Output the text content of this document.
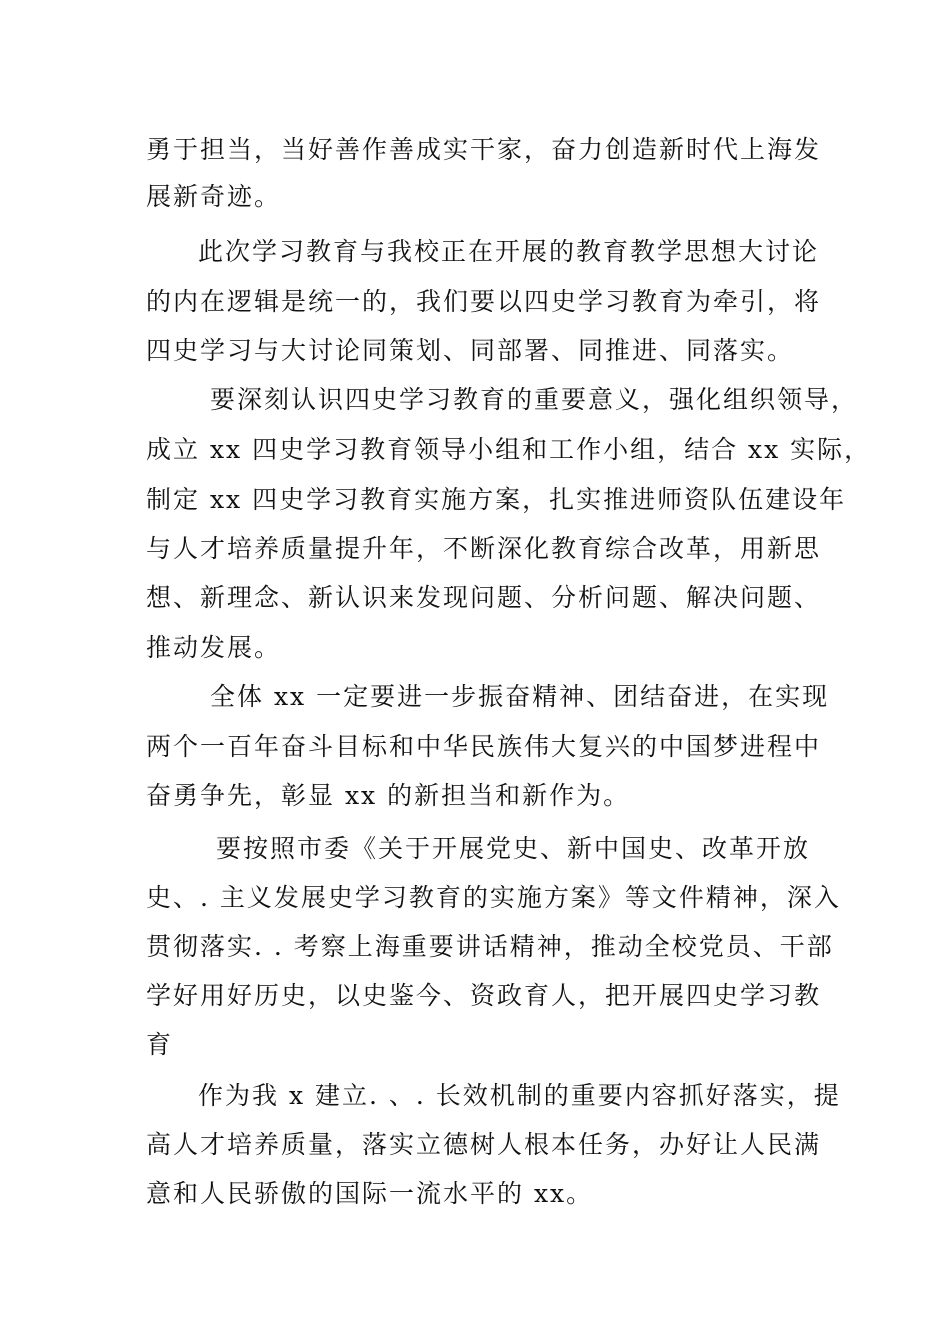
勇于担当，当好善作善成实干家，奋力创造新时代上海发
展新奇迹。
此次学习教育与我校正在开展的教育教学思想大讨论
的内在逻辑是统一的，我们要以四史学习教育为牵引，将
四史学习与大讨论同策划、同部署、同推进、同落实。
要深刻认识四史学习教育的重要意义，强化组织领导，
成立 xx 四史学习教育领导小组和工作小组，结合 xx 实际，
制定 xx 四史学习教育实施方案，扎实推进师资队伍建设年
与人才培养质量提升年，不断深化教育综合改革，用新思
想、新理念、新认识来发现问题、分析问题、解决问题、
推动发展。
全体 xx 一定要进一步振奋精神、团结奋进，在实现
两个一百年奋斗目标和中华民族伟大复兴的中国梦进程中
奋勇争先，彰显 xx 的新担当和新作为。
要按照市委《关于开展党史、新中国史、改革开放
史、. 主义发展史学习教育的实施方案》等文件精神，深入
贯彻落实. . 考察上海重要讲话精神，推动全校党员、干部
学好用好历史，以史鉴今、资政育人，把开展四史学习教
育
作为我 x 建立. 、. 长效机制的重要内容抓好落实，提
高人才培养质量，落实立德树人根本任务，办好让人民满
意和人民骄傲的国际一流水平的 xx。
